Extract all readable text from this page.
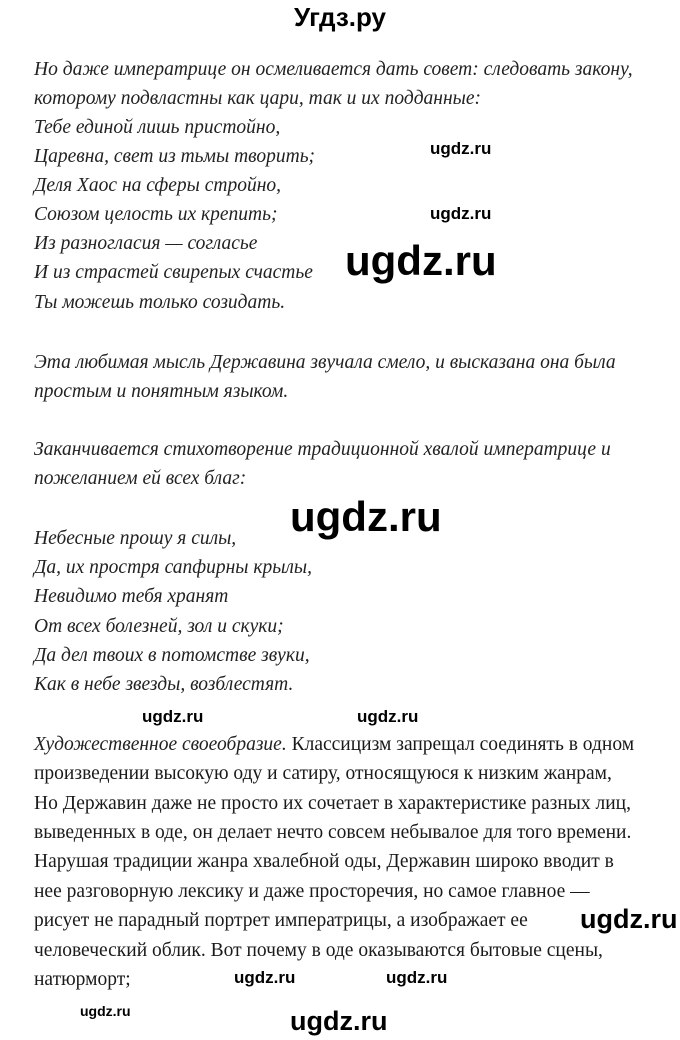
Угдз.ру
Но даже императрице он осмеливается дать совет: следовать закону,
которому подвластны как цари, так и их подданные:
Тебе единой лишь пристойно,
Царевна, свет из тьмы творить;
Деля Хаос на сферы стройно,
Союзом целость их крепить;
Из разногласия — согласье
И из страстей свирепых счастье
Ты можешь только созидать.
Эта любимая мысль Державина звучала смело, и высказана она была
простым и понятным языком.
Заканчивается стихотворение традиционной хвалой императрице и
пожеланием ей всех благ:
Небесные прошу я силы,
Да, их простря сапфирны крылы,
Невидимо тебя хранят
От всех болезней, зол и скуки;
Да дел твоих в потомстве звуки,
Как в небе звезды, возблестят.
Художественное своеобразие. Классицизм запрещал соединять в одном
произведении высокую оду и сатиру, относящуюся к низким жанрам,
Но Державин даже не просто их сочетает в характеристике разных лиц,
выведенных в оде, он делает нечто совсем небывалое для того времени.
Нарушая традиции жанра хвалебной оды, Державин широко вводит в
нее разговорную лексику и даже просторечия, но самое главное —
рисует не парадный портрет императрицы, а изображает ее
человеческий облик. Вот почему в оде оказываются бытовые сцены,
натюрморт;
ugdz.ru
ugdz.ru
ugdz.ru
ugdz.ru
ugdz.ru	ugdz.ru
ugdz.ru
ugdz.ru
ugdz.ru	ugdz.ru
ugdz.ru
